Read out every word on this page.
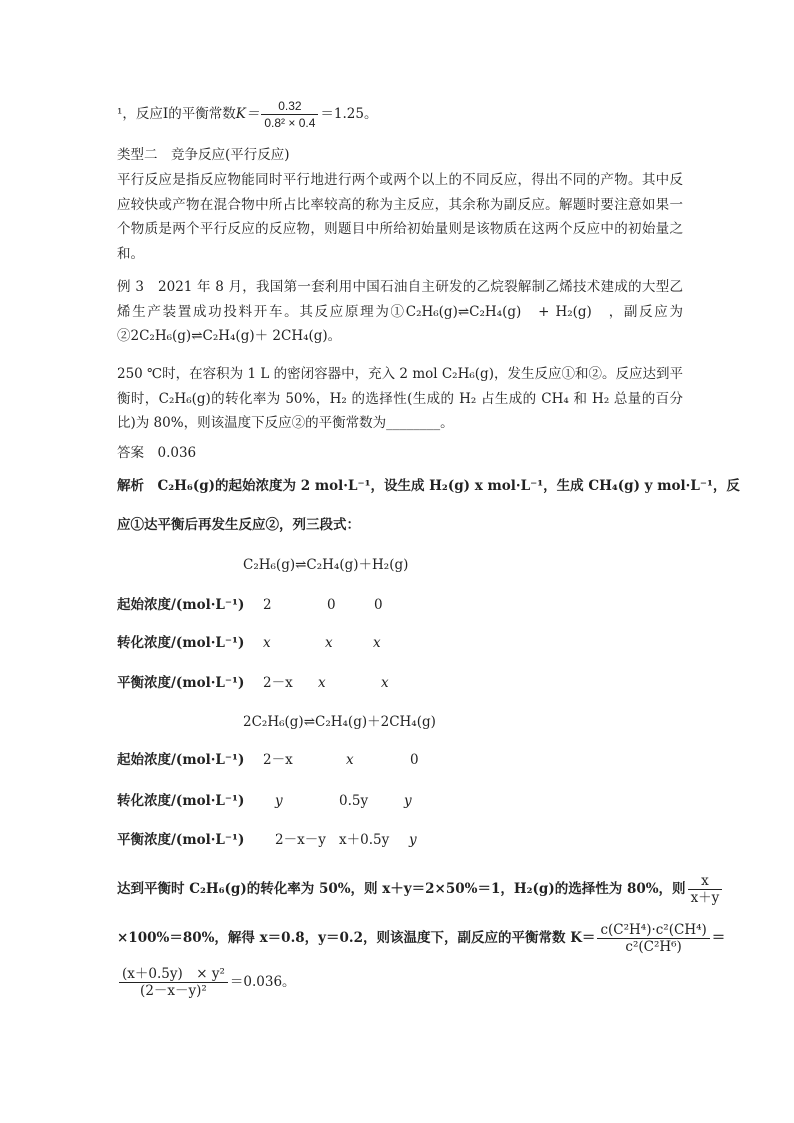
¹，反应Ⅰ的平衡常数$K= \frac{0.32}{\text{0.8² × 0.4}} =1.25$。
类型二　竞争反应(平行反应)
平行反应是指反应物能同时平行地进行两个或两个以上的不同反应，得出不同的产物。其中反应较快或产物在混合物中所占比率较高的称为主反应，其余称为副反应。解题时要注意如果一个物质是两个平行反应的反应物，则题目中所给初始量则是该物质在这两个反应中的初始量之和。
例 3　2021 年 8 月，我国第一套利用中国石油自主研发的乙烷裂解制乙烯技术建成的大型乙烯生产装置成功投料开车。其反应原理为①C₂H₆(g)⇌C₂H₄(g)　+ H₂(g)　，副反应为②2C₂H₆(g)⇌C₂H₄(g)＋ 2CH₄(g)。
250 ℃时，在容积为 1 L 的密闭容器中，充入 2 mol C₂H₆(g)，发生反应①和②。反应达到平衡时，C₂H₆(g)的转化率为 50%，H₂ 的选择性(生成的 H₂ 占生成的 CH₄ 和 H₂ 总量的百分比)为 80%，则该温度下反应②的平衡常数为________。
答案　0.036
解析　C₂H₆(g)的起始浓度为 2 mol·L⁻¹，设生成 H₂(g) x mol·L⁻¹，生成 CH₄(g) y mol·L⁻¹，反
应①达平衡后再发生反应②，列三段式：
C₂H₆(g)⇌C₂H₄(g)＋H₂(g)
起始浓度/(mol·L⁻¹) 2	0	0
转化浓度/(mol·L⁻¹) x	x	x
平衡浓度/(mol·L⁻¹) 2－x x	x
2C₂H₆(g)⇌C₂H₄(g)＋2CH₄(g)
起始浓度/(mol·L⁻¹) 2－x	x	0
转化浓度/(mol·L⁻¹) y	0.5y	y
平衡浓度/(mol·L⁻¹) 2－x－y x＋0.5y y
达到平衡时 C₂H₆(g)的转化率为 50%，则 x＋y＝2×50%＝1，H₂(g)的选择性为 80%，则 $\frac{x}{x+y}$
×100%＝80%，解得 x＝0.8，y＝0.2，则该温度下，副反应的平衡常数 $K= \frac{\text{c(C²H⁴)·c²(CH⁴)}}{\text{c²(C²H⁶)}}$ ＝
$\frac{\text{(x＋0.5y)　× y²}}{\text{(2－x－y)²}} =0.036$。
